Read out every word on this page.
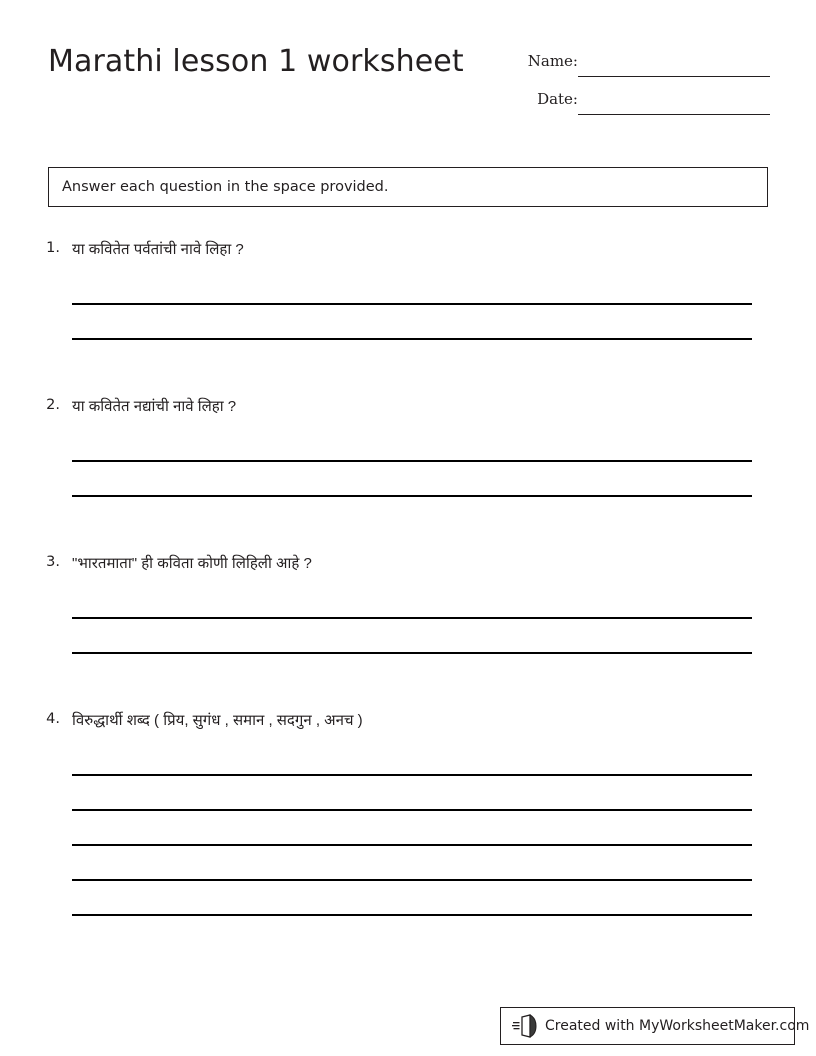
Marathi lesson 1 worksheet	Name:
Date:
Answer each question in the space provided.
1. या कवितेत पर्वतांची नावे लिहा ?
2. या कवितेत नद्यांची नावे लिहा ?
3. "भारतमाता" ही कविता कोणी लिहिली आहे ?
4. विरुद्धार्थी शब्द ( प्रिय, सुगंध , समान , सदगुन , अनच )
Created with MyWorksheetMaker.com
